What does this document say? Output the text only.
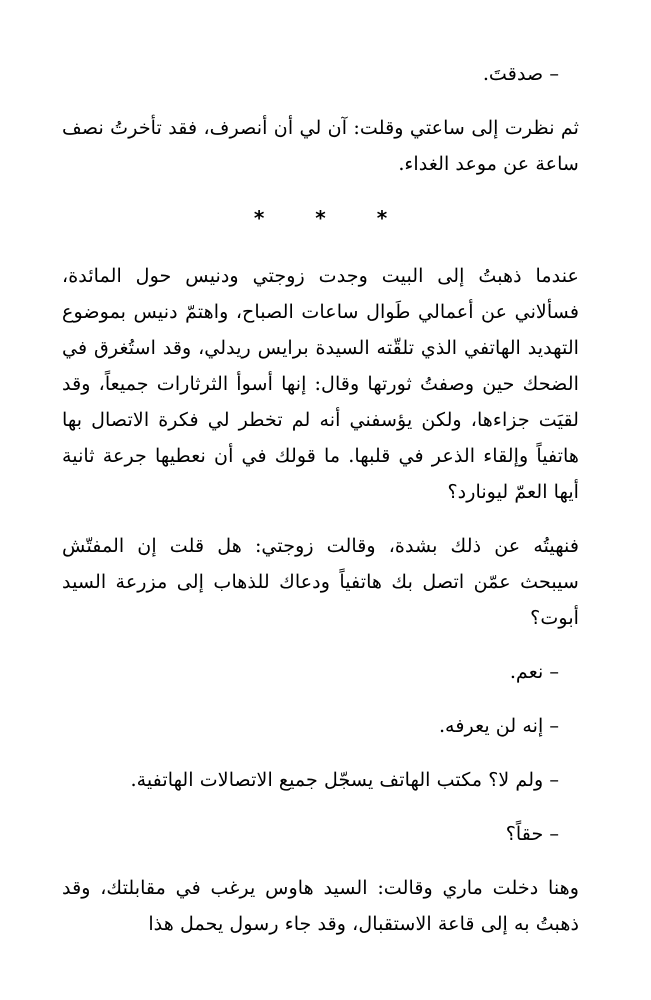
– صدقتَ.

ثم نظرت إلى ساعتي وقلت: آن لي أن أنصرف، فقد تأخرتُ نصف ساعة عن موعد الغداء.

* * *

عندما ذهبتُ إلى البيت وجدت زوجتي ودنيس حول المائدة، فسألاني عن أعمالي طَوال ساعات الصباح، واهتمّ دنيس بموضوع التهديد الهاتفي الذي تلقّته السيدة برايس ريدلي، وقد استُغرق في الضحك حين وصفتُ ثورتها وقال: إنها أسوأ الثرثارات جميعاً، وقد لقيَت جزاءها، ولكن يؤسفني أنه لم تخطر لي فكرة الاتصال بها هاتفياً وإلقاء الذعر في قلبها. ما قولك في أن نعطيها جرعة ثانية أيها العمّ ليونارد؟

فنهيتُه عن ذلك بشدة، وقالت زوجتي: هل قلت إن المفتّش سيبحث عمّن اتصل بك هاتفياً ودعاك للذهاب إلى مزرعة السيد أبوت؟

– نعم.

– إنه لن يعرفه.

– ولم لا؟ مكتب الهاتف يسجّل جميع الاتصالات الهاتفية.

– حقاً؟

وهنا دخلت ماري وقالت: السيد هاوس يرغب في مقابلتك، وقد ذهبتُ به إلى قاعة الاستقبال، وقد جاء رسول يحمل هذا
